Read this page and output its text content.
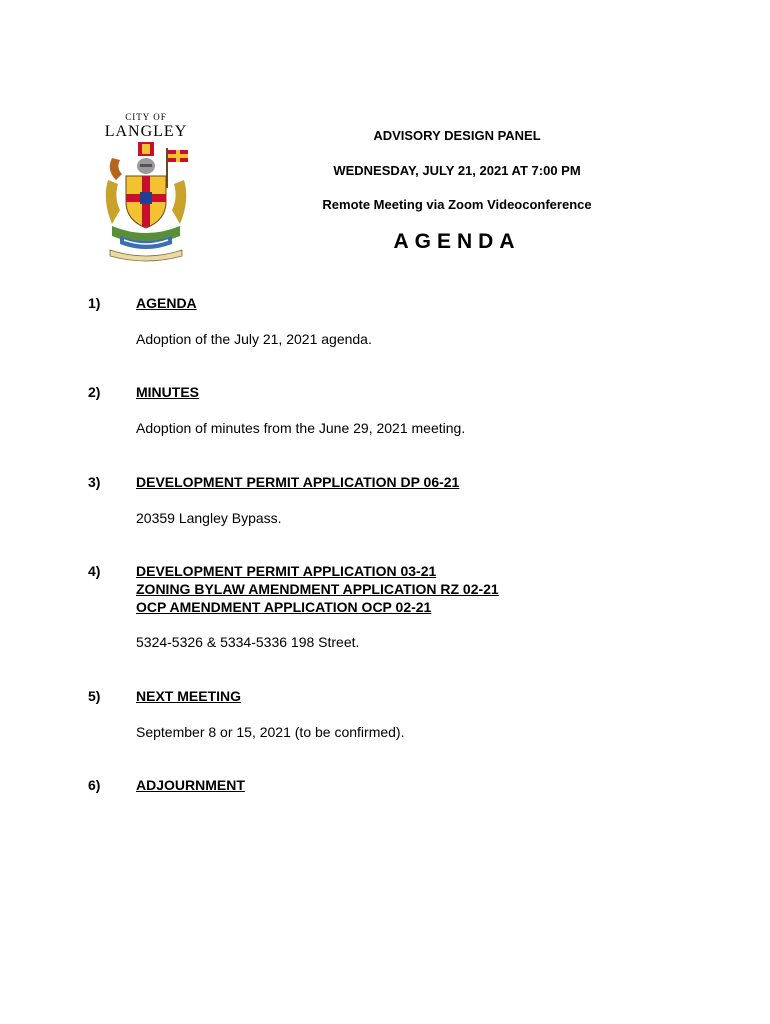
CITY OF
LANGLEY	ADVISORY DESIGN PANEL
WEDNESDAY, JULY 21, 2021 AT 7:00 PM
Remote Meeting via Zoom Videoconference
AGENDA
1)	AGENDA
Adoption of the July 21, 2021 agenda.
2)	MINUTES
Adoption of minutes from the June 29, 2021 meeting.
3)	DEVELOPMENT PERMIT APPLICATION DP 06-21
20359 Langley Bypass.
4)	DEVELOPMENT PERMIT APPLICATION 03-21
ZONING BYLAW AMENDMENT APPLICATION RZ 02-21
OCP AMENDMENT APPLICATION OCP 02-21
5324-5326 & 5334-5336 198 Street.
5)	NEXT MEETING
September 8 or 15, 2021 (to be confirmed).
6)	ADJOURNMENT
